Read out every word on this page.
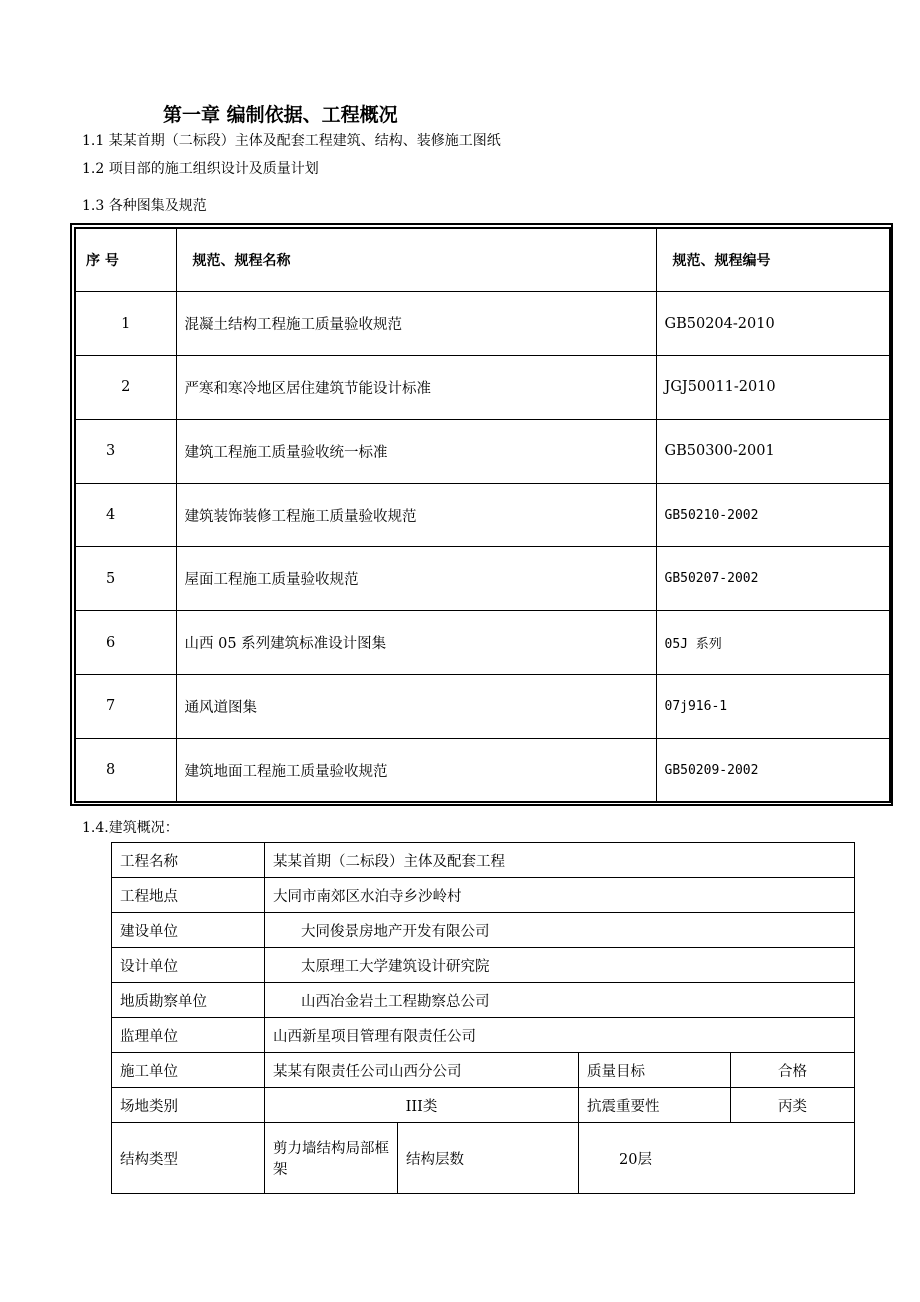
第一章 编制依据、工程概况
1.1 某某首期（二标段）主体及配套工程建筑、结构、装修施工图纸
1.2 项目部的施工组织设计及质量计划
1.3 各种图集及规范
序 号	规范、规程名称	规范、规程编号
1	混凝土结构工程施工质量验收规范	GB50204-2010
2	严寒和寒冷地区居住建筑节能设计标准	JGJ50011-2010
3	建筑工程施工质量验收统一标准	GB50300-2001
4	建筑装饰装修工程施工质量验收规范	GB50210-2002
5	屋面工程施工质量验收规范	GB50207-2002
6	山西 05 系列建筑标准设计图集	05J 系列
7	通风道图集	07j916-1
8	建筑地面工程施工质量验收规范	GB50209-2002
1.4.建筑概况：
工程名称	某某首期（二标段）主体及配套工程			
工程地点	大同市南郊区水泊寺乡沙岭村			
建设单位	大同俊景房地产开发有限公司			
设计单位	太原理工大学建筑设计研究院			
地质勘察单位	山西冶金岩土工程勘察总公司			
监理单位	山西新星项目管理有限责任公司			
施工单位	某某有限责任公司山西分公司		质量目标	合格
场地类别	III类		抗震重要性	丙类
结构类型	剪力墙结构局部框架	结构层数	20层	
